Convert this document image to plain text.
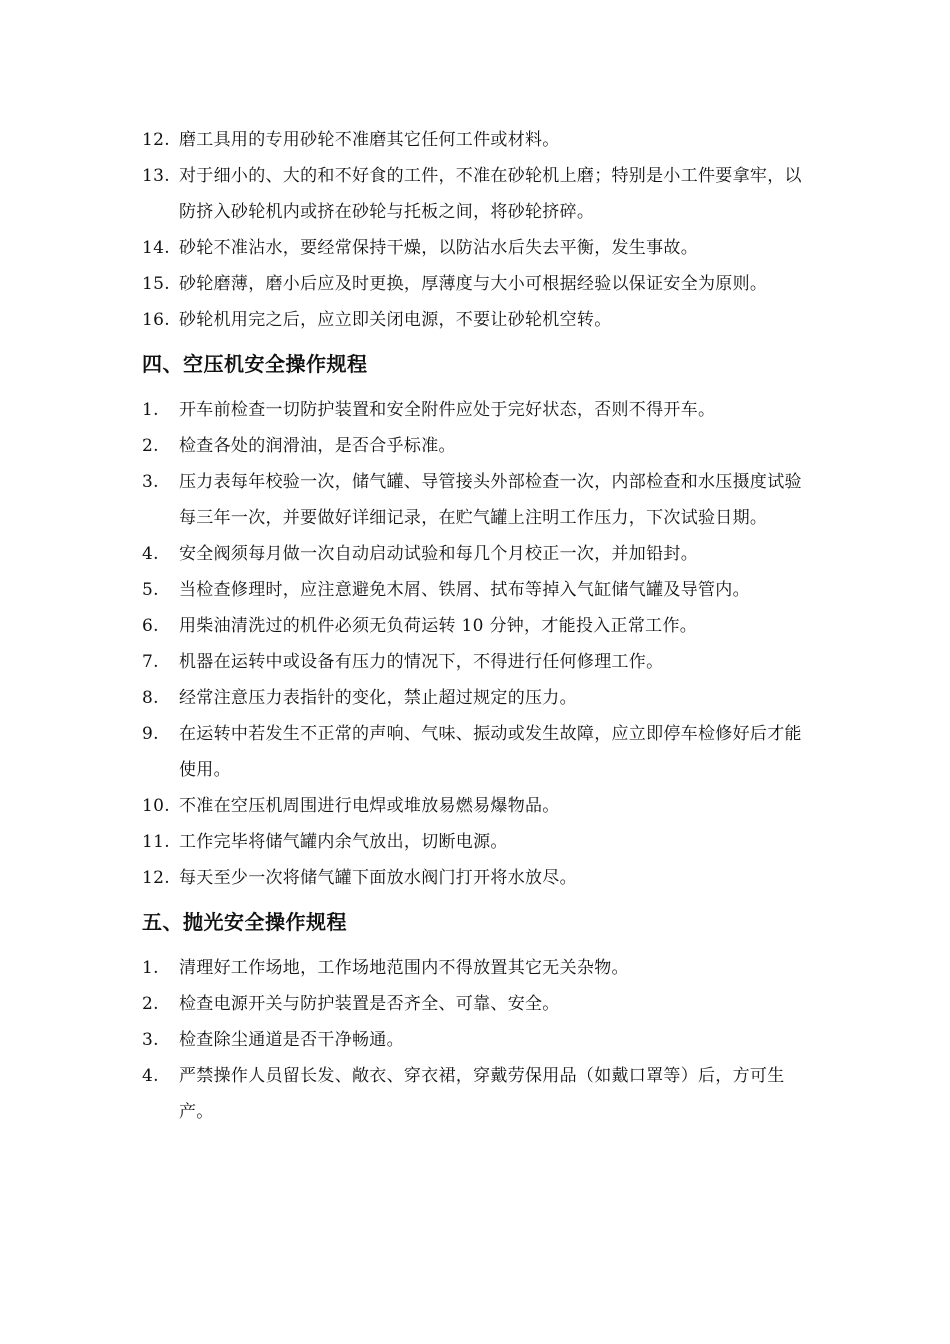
12. 磨工具用的专用砂轮不准磨其它任何工件或材料。
13. 对于细小的、大的和不好食的工件，不准在砂轮机上磨；特别是小工件要拿牢，以防挤入砂轮机内或挤在砂轮与托板之间，将砂轮挤碎。
14. 砂轮不准沾水，要经常保持干燥，以防沾水后失去平衡，发生事故。
15. 砂轮磨薄，磨小后应及时更换，厚薄度与大小可根据经验以保证安全为原则。
16. 砂轮机用完之后，应立即关闭电源，不要让砂轮机空转。
四、空压机安全操作规程
1.	开车前检查一切防护装置和安全附件应处于完好状态，否则不得开车。
2.	检查各处的润滑油，是否合乎标准。
3.	压力表每年校验一次，储气罐、导管接头外部检查一次，内部检查和水压摄度试验每三年一次，并要做好详细记录，在贮气罐上注明工作压力，下次试验日期。
4.	安全阀须每月做一次自动启动试验和每几个月校正一次，并加铅封。
5.	当检查修理时，应注意避免木屑、铁屑、拭布等掉入气缸储气罐及导管内。
6.	用柴油清洗过的机件必须无负荷运转 10 分钟，才能投入正常工作。
7.	机器在运转中或设备有压力的情况下，不得进行任何修理工作。
8.	经常注意压力表指针的变化，禁止超过规定的压力。
9.	在运转中若发生不正常的声响、气味、振动或发生故障，应立即停车检修好后才能使用。
10. 不准在空压机周围进行电焊或堆放易燃易爆物品。
11. 工作完毕将储气罐内余气放出，切断电源。
12. 每天至少一次将储气罐下面放水阀门打开将水放尽。
五、抛光安全操作规程
1.	清理好工作场地，工作场地范围内不得放置其它无关杂物。
2.	检查电源开关与防护装置是否齐全、可靠、安全。
3.	检查除尘通道是否干净畅通。
4.	严禁操作人员留长发、敞衣、穿衣裙，穿戴劳保用品（如戴口罩等）后，方可生产。
